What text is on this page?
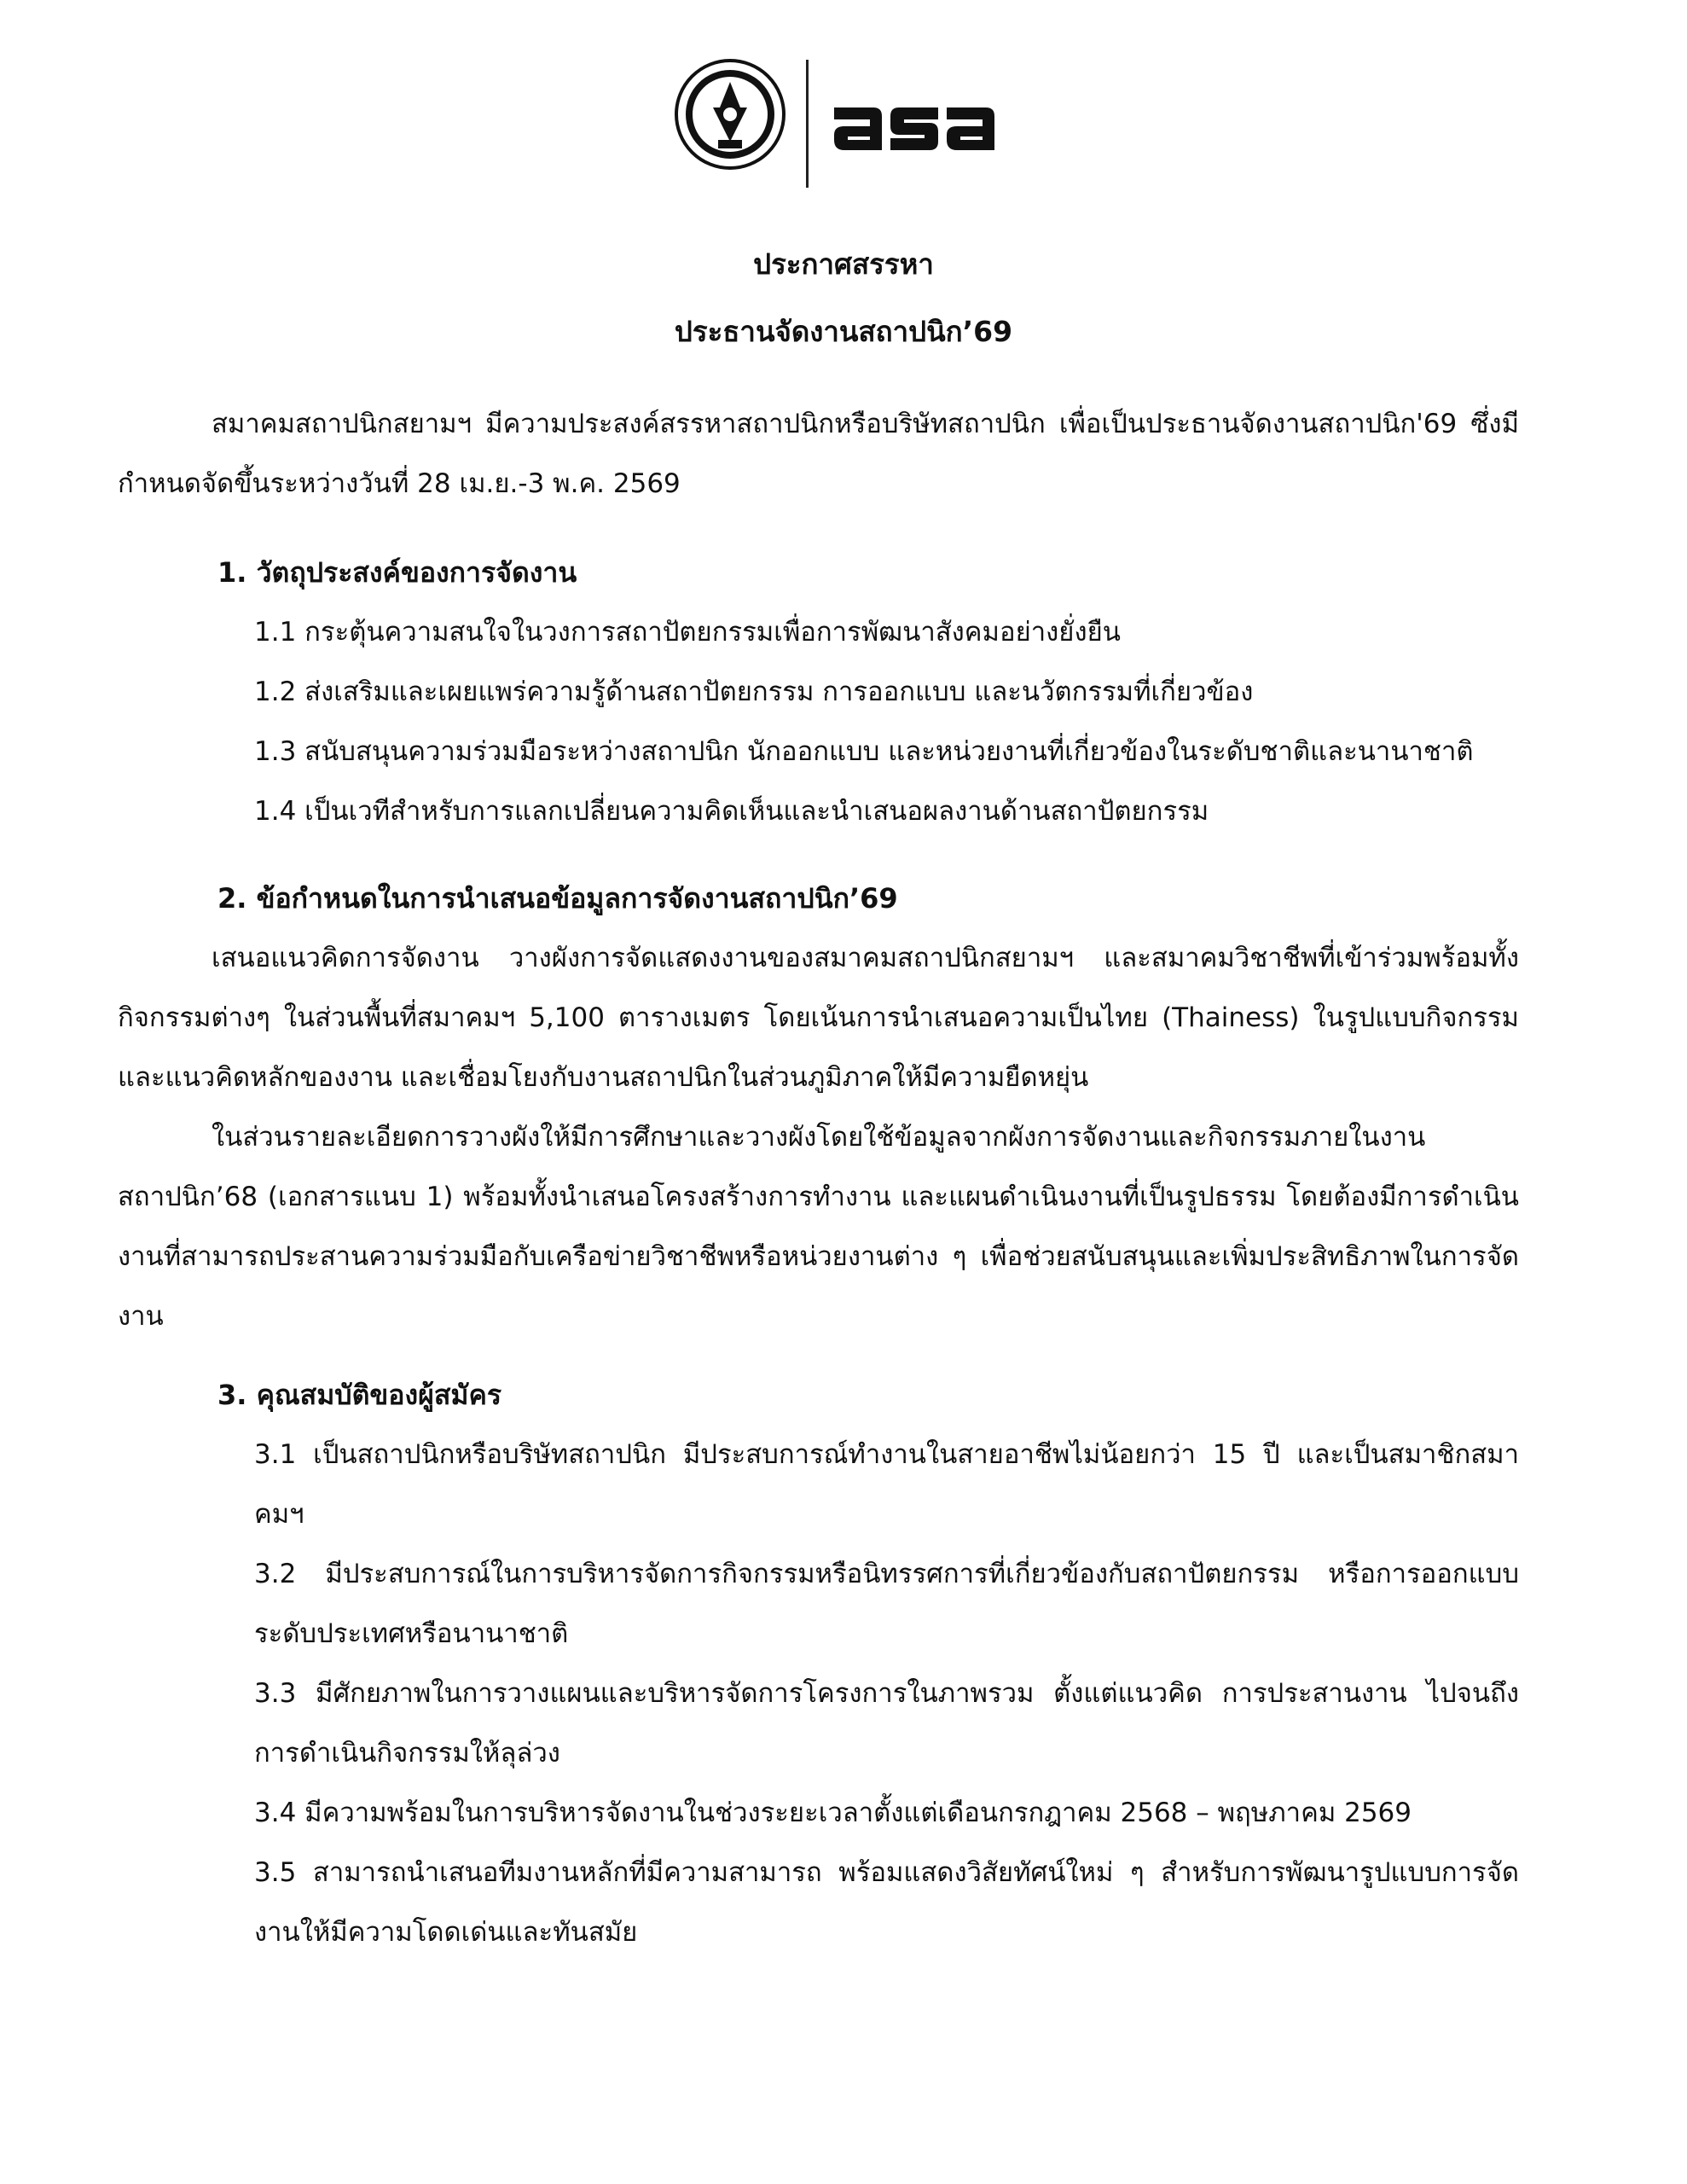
ประกาศสรรหา
ประธานจัดงานสถาปนิก’69

สมาคมสถาปนิกสยามฯ มีความประสงค์สรรหาสถาปนิกหรือบริษัทสถาปนิก เพื่อเป็นประธานจัดงานสถาปนิก'69 ซึ่งมีกำหนดจัดขึ้นระหว่างวันที่ 28 เม.ย.-3 พ.ค. 2569

1. วัตถุประสงค์ของการจัดงาน
1.1 กระตุ้นความสนใจในวงการสถาปัตยกรรมเพื่อการพัฒนาสังคมอย่างยั่งยืน
1.2 ส่งเสริมและเผยแพร่ความรู้ด้านสถาปัตยกรรม การออกแบบ และนวัตกรรมที่เกี่ยวข้อง
1.3 สนับสนุนความร่วมมือระหว่างสถาปนิก นักออกแบบ และหน่วยงานที่เกี่ยวข้องในระดับชาติและนานาชาติ
1.4 เป็นเวทีสำหรับการแลกเปลี่ยนความคิดเห็นและนำเสนอผลงานด้านสถาปัตยกรรม
2. ข้อกำหนดในการนำเสนอข้อมูลการจัดงานสถาปนิก’69

เสนอแนวคิดการจัดงาน วางผังการจัดแสดงงานของสมาคมสถาปนิกสยามฯ และสมาคมวิชาชีพที่เข้าร่วมพร้อมทั้งกิจกรรมต่างๆ ในส่วนพื้นที่สมาคมฯ 5,100 ตารางเมตร โดยเน้นการนำเสนอความเป็นไทย (Thainess) ในรูปแบบกิจกรรมและแนวคิดหลักของงาน และเชื่อมโยงกับงานสถาปนิกในส่วนภูมิภาคให้มีความยืดหยุ่น

ในส่วนรายละเอียดการวางผังให้มีการศึกษาและวางผังโดยใช้ข้อมูลจากผังการจัดงานและกิจกรรมภายในงานสถาปนิก’68 (เอกสารแนบ 1) พร้อมทั้งนำเสนอโครงสร้างการทำงาน และแผนดำเนินงานที่เป็นรูปธรรม โดยต้องมีการดำเนินงานที่สามารถประสานความร่วมมือกับเครือข่ายวิชาชีพหรือหน่วยงานต่าง ๆ เพื่อช่วยสนับสนุนและเพิ่มประสิทธิภาพในการจัดงาน

3. คุณสมบัติของผู้สมัคร

3.1 เป็นสถาปนิกหรือบริษัทสถาปนิก มีประสบการณ์ทำงานในสายอาชีพไม่น้อยกว่า 15 ปี และเป็นสมาชิกสมาคมฯ

3.2 มีประสบการณ์ในการบริหารจัดการกิจกรรมหรือนิทรรศการที่เกี่ยวข้องกับสถาปัตยกรรม หรือการออกแบบระดับประเทศหรือนานาชาติ

3.3 มีศักยภาพในการวางแผนและบริหารจัดการโครงการในภาพรวม ตั้งแต่แนวคิด การประสานงาน ไปจนถึงการดำเนินกิจกรรมให้ลุล่วง

3.4 มีความพร้อมในการบริหารจัดงานในช่วงระยะเวลาตั้งแต่เดือนกรกฎาคม 2568 – พฤษภาคม 2569

3.5 สามารถนำเสนอทีมงานหลักที่มีความสามารถ พร้อมแสดงวิสัยทัศน์ใหม่ ๆ สำหรับการพัฒนารูปแบบการจัดงานให้มีความโดดเด่นและทันสมัย
